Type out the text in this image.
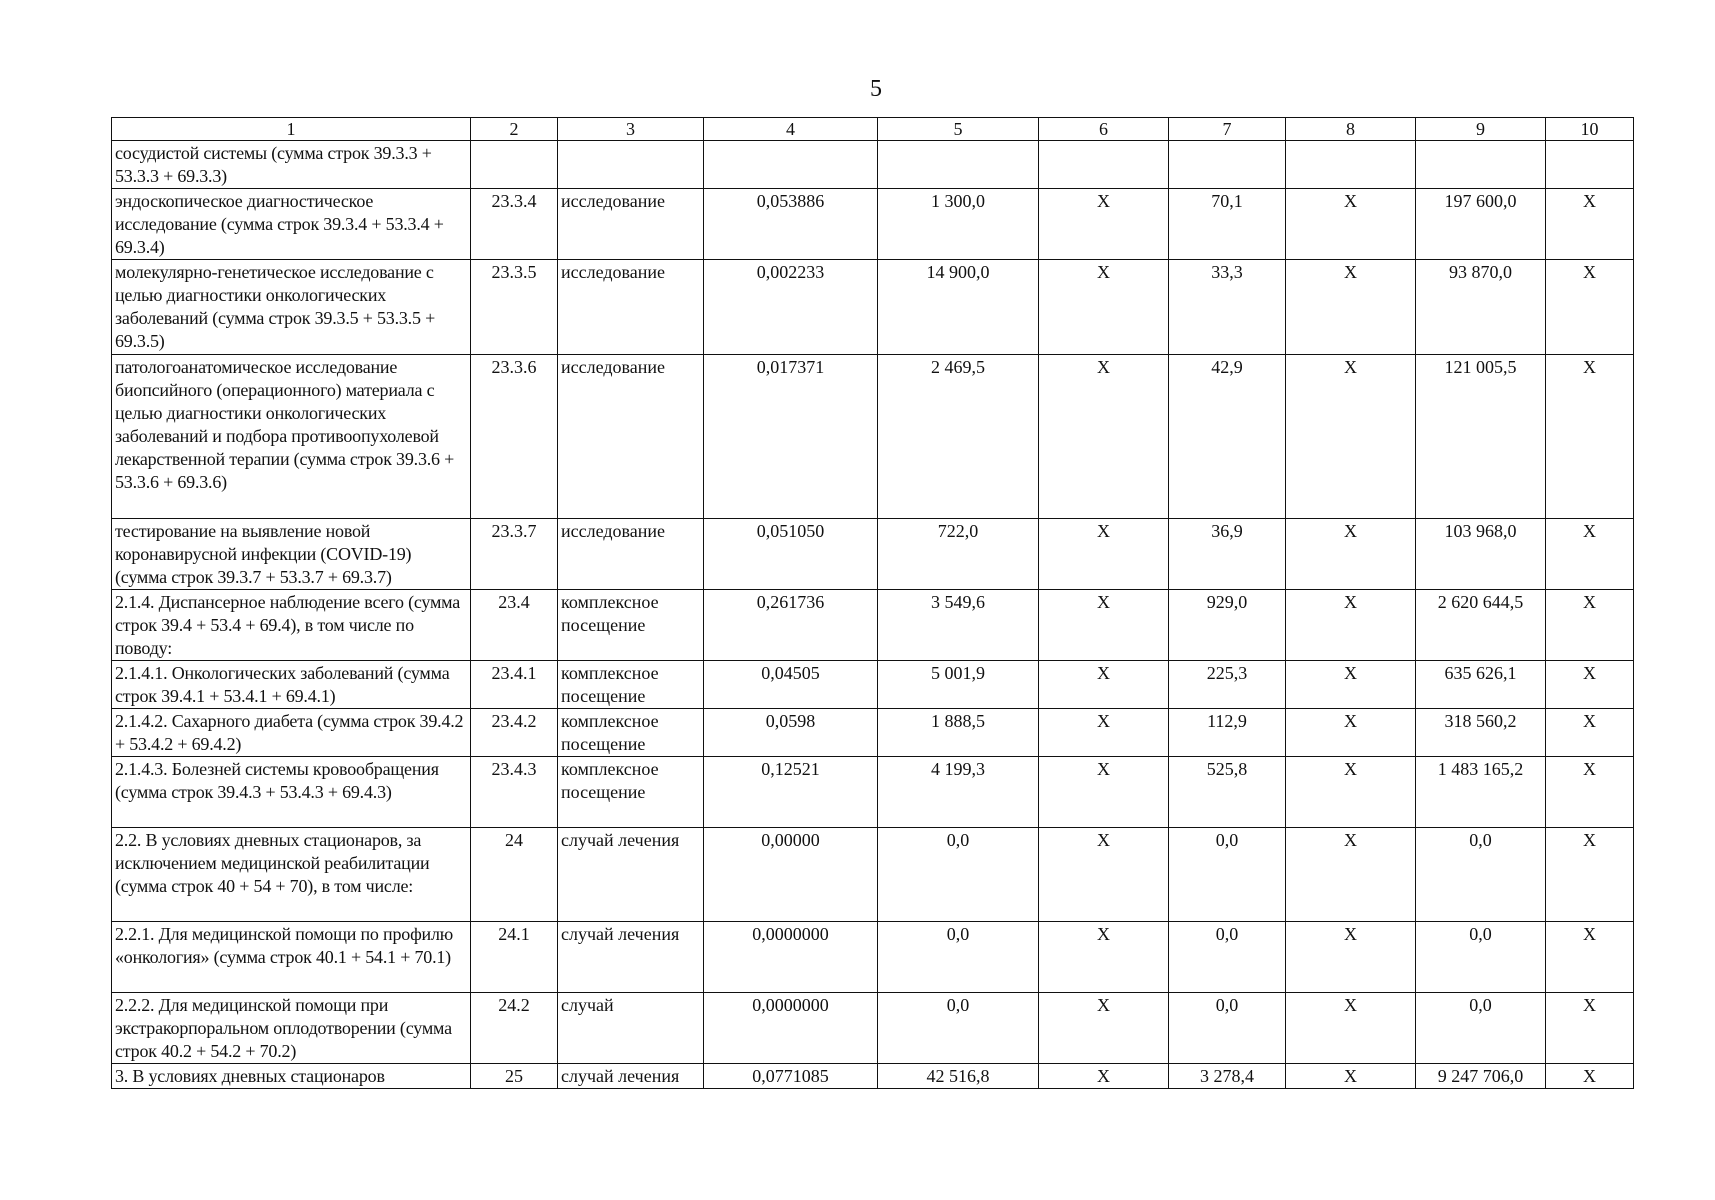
5
1	2	3	4	5	6	7	8	9	10
сосудистой системы (сумма строк 39.3.3 + 53.3.3 + 69.3.3)									
эндоскопическое диагностическое исследование (сумма строк 39.3.4 + 53.3.4 + 69.3.4)	23.3.4	исследование	0,053886	1 300,0	Х	70,1	Х	197 600,0	Х
молекулярно-генетическое исследование с целью диагностики онкологических заболеваний (сумма строк 39.3.5 + 53.3.5 + 69.3.5)	23.3.5	исследование	0,002233	14 900,0	Х	33,3	Х	93 870,0	Х
патологоанатомическое исследование биопсийного (операционного) материала с целью диагностики онкологических заболеваний и подбора противоопухолевой лекарственной терапии (сумма строк 39.3.6 + 53.3.6 + 69.3.6)	23.3.6	исследование	0,017371	2 469,5	Х	42,9	Х	121 005,5	Х
тестирование на выявление новой коронавирусной инфекции (COVID-19) (сумма строк 39.3.7 + 53.3.7 + 69.3.7)	23.3.7	исследование	0,051050	722,0	Х	36,9	Х	103 968,0	Х
2.1.4. Диспансерное наблюдение всего (сумма строк 39.4 + 53.4 + 69.4), в том числе по поводу:	23.4	комплексное посещение	0,261736	3 549,6	Х	929,0	Х	2 620 644,5	Х
2.1.4.1. Онкологических заболеваний (сумма строк 39.4.1 + 53.4.1 + 69.4.1)	23.4.1	комплексное посещение	0,04505	5 001,9	Х	225,3	Х	635 626,1	Х
2.1.4.2. Сахарного диабета (сумма строк 39.4.2 + 53.4.2 + 69.4.2)	23.4.2	комплексное посещение	0,0598	1 888,5	Х	112,9	Х	318 560,2	Х
2.1.4.3. Болезней системы кровообращения (сумма строк 39.4.3 + 53.4.3 + 69.4.3)	23.4.3	комплексное посещение	0,12521	4 199,3	Х	525,8	Х	1 483 165,2	Х
2.2. В условиях дневных стационаров, за исключением медицинской реабилитации (сумма строк 40 + 54 + 70), в том числе:	24	случай лечения	0,00000	0,0	Х	0,0	Х	0,0	Х
2.2.1. Для медицинской помощи по профилю «онкология» (сумма строк 40.1 + 54.1 + 70.1)	24.1	случай лечения	0,0000000	0,0	Х	0,0	Х	0,0	Х
2.2.2. Для медицинской помощи при экстракорпоральном оплодотворении (сумма строк 40.2 + 54.2 + 70.2)	24.2	случай	0,0000000	0,0	Х	0,0	Х	0,0	Х
3. В условиях дневных стационаров	25	случай лечения	0,0771085	42 516,8	Х	3 278,4	Х	9 247 706,0	Х
